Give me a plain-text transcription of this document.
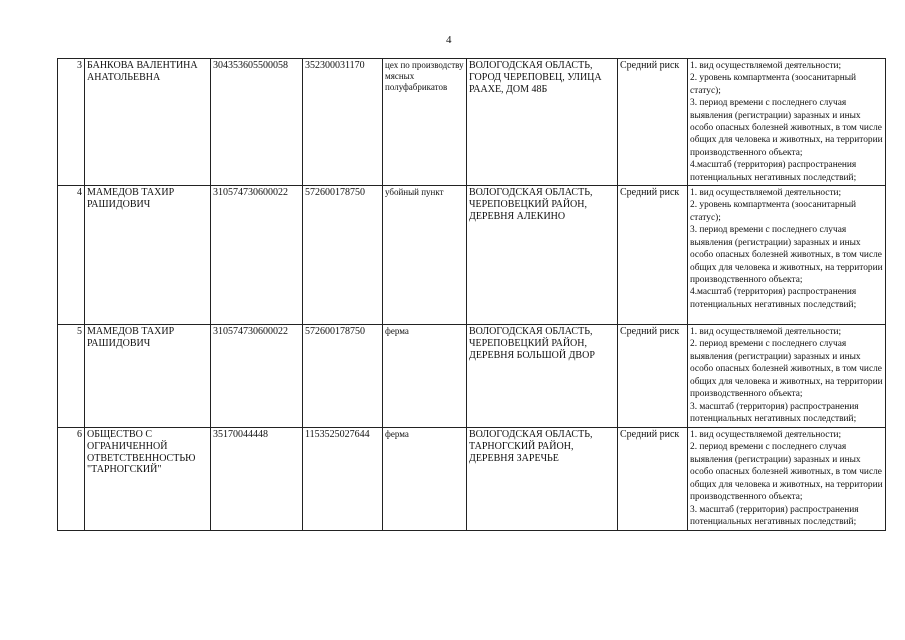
4
3	БАНКОВА ВАЛЕНТИНА АНАТОЛЬЕВНА	304353605500058	352300031170	цех по производству мясных полуфабрикатов	ВОЛОГОДСКАЯ ОБЛАСТЬ, ГОРОД ЧЕРЕПОВЕЦ, УЛИЦА РААХЕ, ДОМ 48Б	Средний риск	1. вид осуществляемой деятельности;
2. уровень компартмента (зоосанитарный статус);
3. период времени с последнего случая выявления (регистрации) заразных и иных особо опасных болезней животных, в том числе общих для человека и животных, на территории производственного объекта;
4.масштаб (территория) распространения потенциальных негативных последствий;

4	МАМЕДОВ ТАХИР РАШИДОВИЧ	310574730600022	572600178750	убойный пункт	ВОЛОГОДСКАЯ ОБЛАСТЬ, ЧЕРЕПОВЕЦКИЙ РАЙОН, ДЕРЕВНЯ АЛЕКИНО	Средний риск	1. вид осуществляемой деятельности;
2. уровень компартмента (зоосанитарный статус);
3. период времени с последнего случая выявления (регистрации) заразных и иных особо опасных болезней животных, в том числе общих для человека и животных, на территории производственного объекта;
4.масштаб (территория) распространения потенциальных негативных последствий;

5	МАМЕДОВ ТАХИР РАШИДОВИЧ	310574730600022	572600178750	ферма	ВОЛОГОДСКАЯ ОБЛАСТЬ, ЧЕРЕПОВЕЦКИЙ РАЙОН, ДЕРЕВНЯ БОЛЬШОЙ ДВОР	Средний риск	1. вид осуществляемой деятельности;
2. период времени с последнего случая выявления (регистрации) заразных и иных особо опасных болезней животных, в том числе общих для человека и животных, на территории производственного объекта;
3. масштаб (территория) распространения потенциальных негативных последствий;

6	ОБЩЕСТВО С ОГРАНИЧЕННОЙ ОТВЕТСТВЕННОСТЬЮ "ТАРНОГСКИЙ"	35170044448	1153525027644	ферма	ВОЛОГОДСКАЯ ОБЛАСТЬ, ТАРНОГСКИЙ РАЙОН, ДЕРЕВНЯ ЗАРЕЧЬЕ	Средний риск	1. вид осуществляемой деятельности;
2. период времени с последнего случая выявления (регистрации) заразных и иных особо опасных болезней животных, в том числе общих для человека и животных, на территории производственного объекта;
3. масштаб (территория) распространения потенциальных негативных последствий;
